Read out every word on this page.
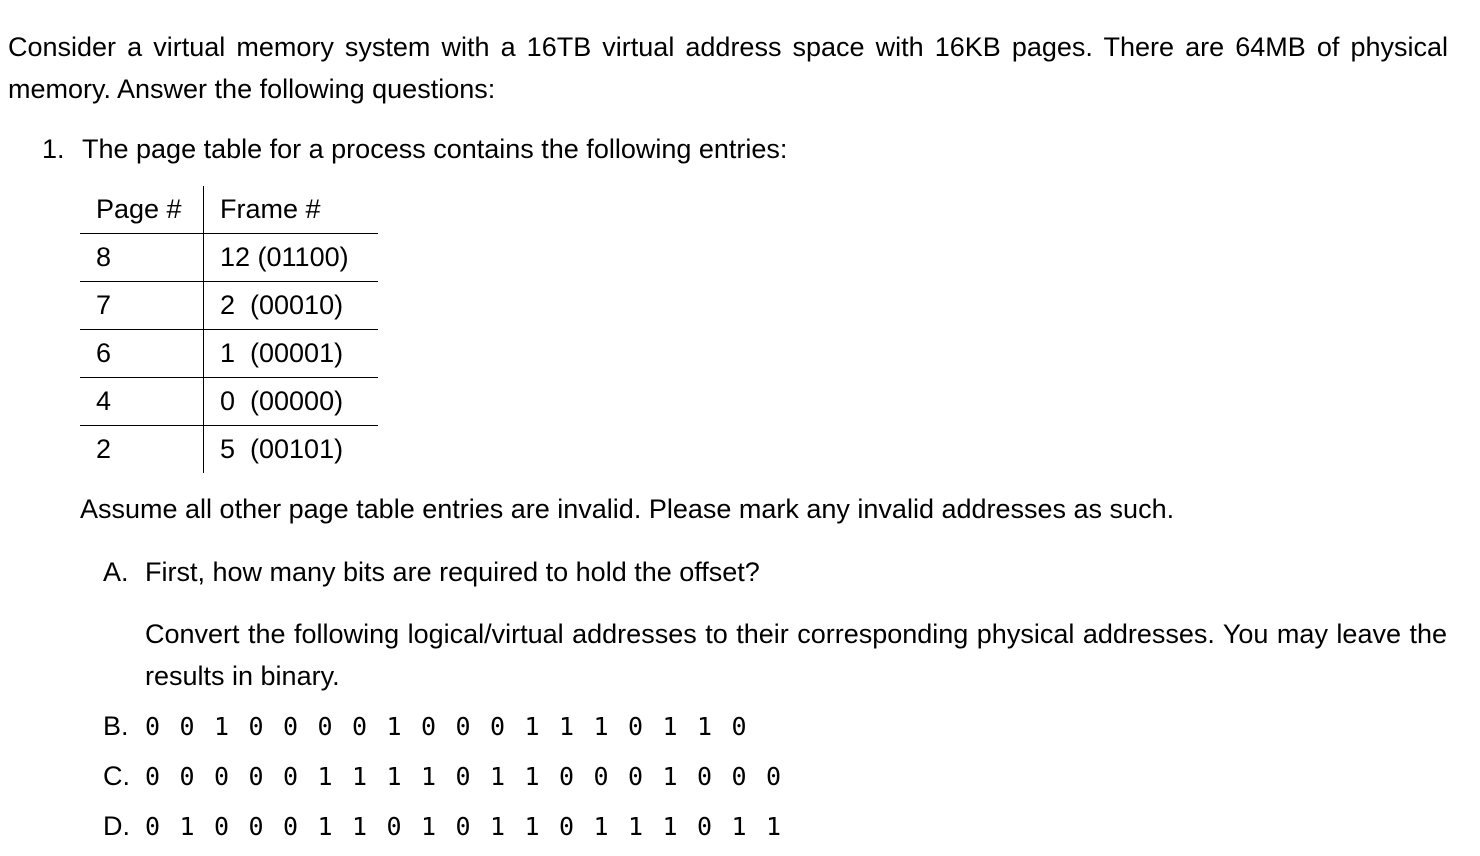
Consider a virtual memory system with a 16TB virtual address space with 16KB pages. There are 64MB of physical memory. Answer the following questions:
1. The page table for a process contains the following entries:
Page #	Frame #
8	12 (01100)
7	2  (00010)
6	1  (00001)
4	0  (00000)
2	5  (00101)
Assume all other page table entries are invalid. Please mark any invalid addresses as such.
A. First, how many bits are required to hold the offset?
Convert the following logical/virtual addresses to their corresponding physical addresses. You may leave the results in binary.
B. 0 0 1 0 0 0 0 1 0 0 0 1 1 1 0 1 1 0
C. 0 0 0 0 0 1 1 1 1 0 1 1 0 0 0 1 0 0 0
D. 0 1 0 0 0 1 1 0 1 0 1 1 0 1 1 1 0 1 1
